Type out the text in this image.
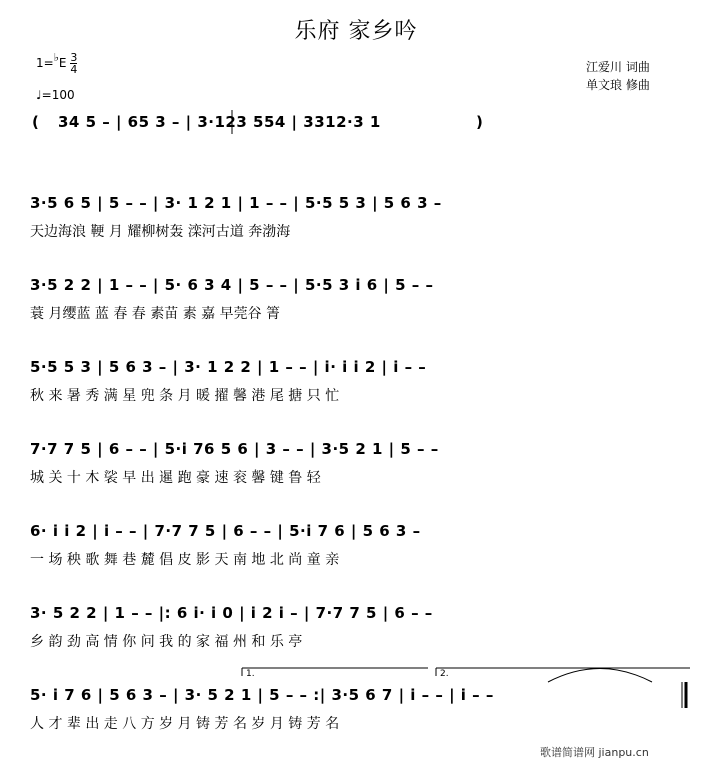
乐府 家乡吟
江爱川 词曲
单文琅 修曲
1=♭E $\frac{3}{4}$
♩=100
( 34 5 – | 65 3 – | 3·123 554 | 3312·3 1	)
3·5 6 5 | 5 – – | 3· 1 2 1 | 1 – – | 5·5 5 3 | 5 6 3 –
天边海浪 鞕 月 耀柳树轰 滦河古道 奔渤海
3·5 2 2 | 1 – – | 5· 6 3 4 | 5 – – | 5·5 3 i 6 | 5 – –
蓑 月缨蓝 蓝 春 春 素苗 素 嘉 早莞谷 箐
5·5 5 3 | 5 6 3 – | 3· 1 2 2 | 1 – – | i· i i 2 | i – –
秋 来 暑 秀 满 星 兜 条 月 暖 擢 馨 港 尾 搪 只 忙
7·7 7 5 | 6 – – | 5·i 76 5 6 | 3 – – | 3·5 2 1 | 5 – –
城 关 十 木 裟 早 出 暹 跑 豪 速 衮 馨 键 鲁 轻
6· i i 2 | i – – | 7·7 7 5 | 6 – – | 5·i 7 6 | 5 6 3 –
一 场 秧 歌 舞 巷 麓 倡 皮 影 天 南 地 北 尚 童 亲
3· 5 2 2 | 1 – – |: 6 i· i 0 | i 2 i – | 7·7 7 5 | 6 – –
乡 韵 劲 高 情 你 问 我 的 家 福 州 和 乐 亭
5· i 7 6 | 5 6 3 – | 3· 5 2 1 | 5 – – :| 3·5 6 7 | i – – | i – –
人 才 辈 出 走 八 方 岁 月 铸 芳 名 岁 月 铸 芳 名
1.	2.
歌谱简谱网 jianpu.cn
